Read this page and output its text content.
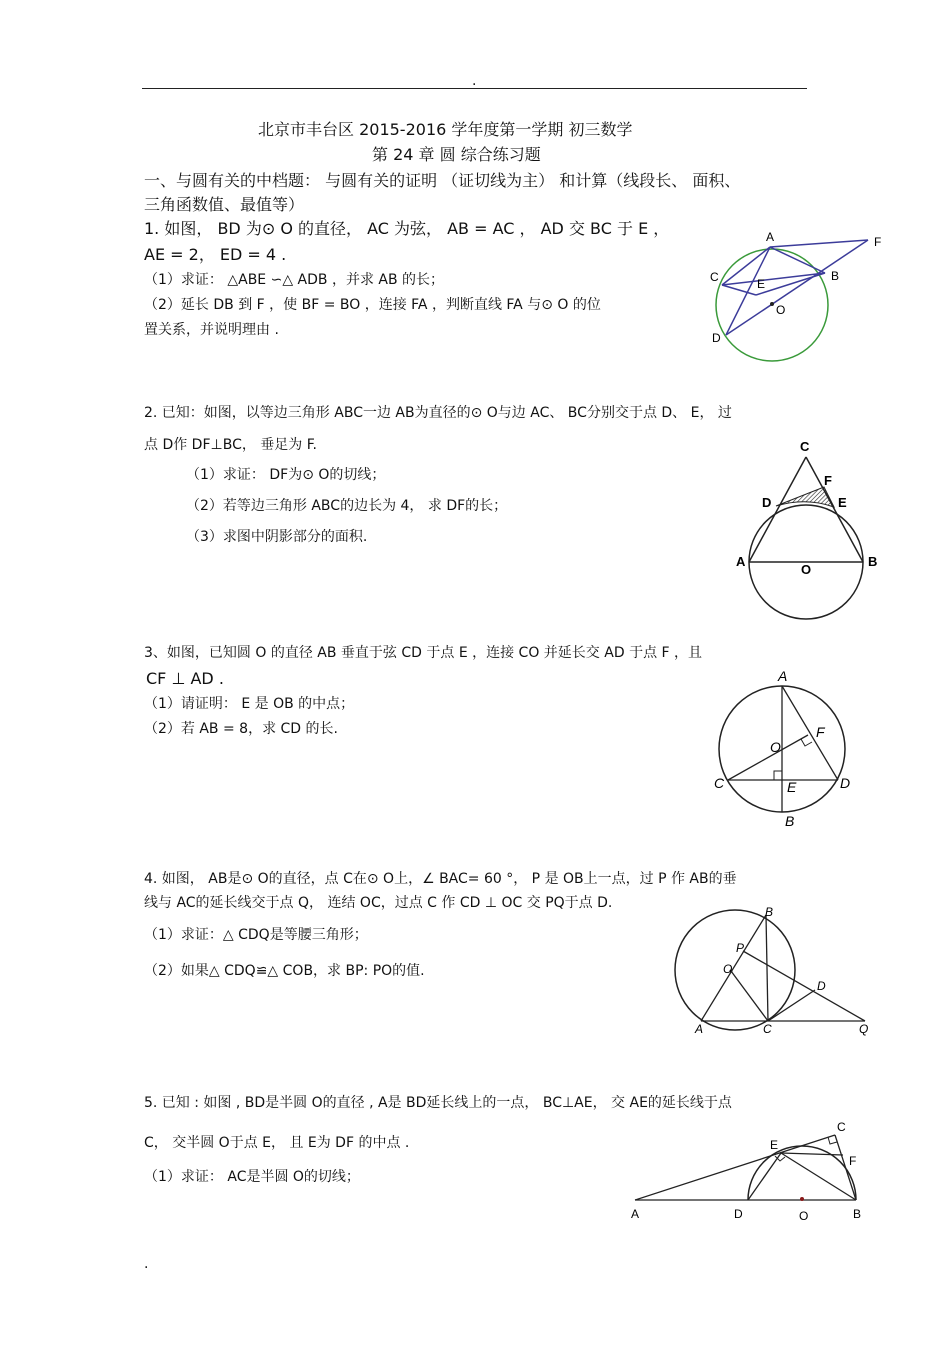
.
北京市丰台区 2015-2016 学年度第一学期 初三数学
第 24 章 圆 综合练习题
一、与圆有关的中档题： 与圆有关的证明 （证切线为主） 和计算（线段长、 面积、
三角函数值、最值等）
1. 如图， BD 为⊙ O 的直径， AC 为弦， AB = AC ， AD 交 BC 于 E ，
AE = 2， ED = 4 .
（1）求证： △ABE ∽△ ADB ，并求 AB 的长；
（2）延长 DB 到 F ，使 BF = BO ，连接 FA ，判断直线 FA 与⊙ O 的位
置关系，并说明理由 .
A	F
C	B
E
O
D
2. 已知：如图，以等边三角形 ABC一边 AB为直径的⊙ O与边 AC、 BC分别交于点 D、 E， 过
点 D作 DF⊥BC， 垂足为 F.
（1）求证： DF为⊙ O的切线；
（2）若等边三角形 ABC的边长为 4， 求 DF的长；
（3）求图中阴影部分的面积.
C
F
D	E
A
O
B
3、如图，已知圆 O 的直径 AB 垂直于弦 CD 于点 E ，连接 CO 并延长交 AD 于点 F ，且
CF ⊥ AD .
（1）请证明： E 是 OB 的中点；
（2）若 AB = 8，求 CD 的长.
A
O
F
C	E	D
B
4. 如图， AB是⊙ O的直径，点 C在⊙ O上，∠ BAC= 60 °， P 是 OB上一点，过 P 作 AB的垂
线与 AC的延长线交于点 Q， 连结 OC，过点 C 作 CD ⊥ OC 交 PQ于点 D.
（1）求证：△ CDQ是等腰三角形；
（2）如果△ CDQ≌△ COB，求 BP: PO的值.
B
P
O
D
A	C	Q
5. 已知 : 如图 , BD是半圆 O的直径 , A是 BD延长线上的一点， BC⊥AE， 交 AE的延长线于点
C， 交半圆 O于点 E， 且 E为 DF 的中点 .
（1）求证： AC是半圆 O的切线；
C
E
F
A	D	O	B
.
